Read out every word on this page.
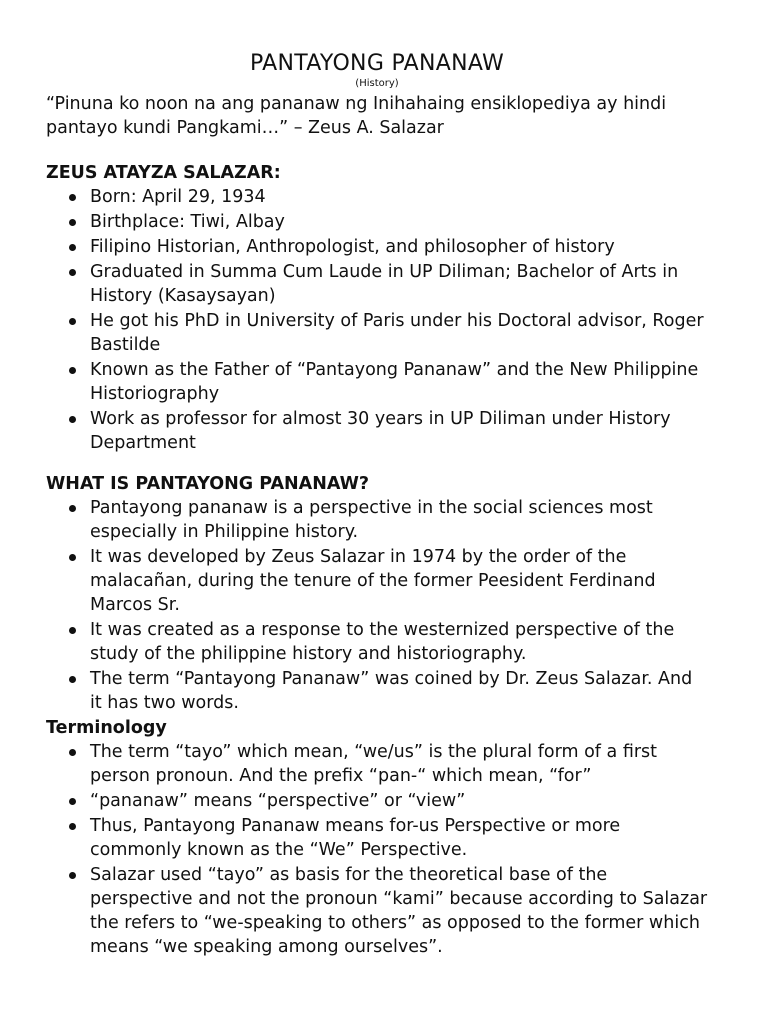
PANTAYONG PANANAW
(History)

“Pinuna ko noon na ang pananaw ng Inihahaing ensiklopediya ay hindi pantayo kundi Pangkami…” – Zeus A. Salazar

ZEUS ATAYZA SALAZAR:
Born: April 29, 1934
Birthplace: Tiwi, Albay
Filipino Historian, Anthropologist, and philosopher of history
Graduated in Summa Cum Laude in UP Diliman; Bachelor of Arts in History (Kasaysayan)
He got his PhD in University of Paris under his Doctoral advisor, Roger Bastilde
Known as the Father of “Pantayong Pananaw” and the New Philippine Historiography
Work as professor for almost 30 years in UP Diliman under History Department
WHAT IS PANTAYONG PANANAW?
Pantayong pananaw is a perspective in the social sciences most especially in Philippine history.
It was developed by Zeus Salazar in 1974 by the order of the malacañan, during the tenure of the former Peesident Ferdinand Marcos Sr.
It was created as a response to the westernized perspective of the study of the philippine history and historiography.
The term “Pantayong Pananaw” was coined by Dr. Zeus Salazar. And it has two words.
Terminology
The term “tayo” which mean, “we/us” is the plural form of a first person pronoun. And the prefix “pan-“ which mean, “for”
“pananaw” means “perspective” or “view”
Thus, Pantayong Pananaw means for-us Perspective or more commonly known as the “We” Perspective.
Salazar used “tayo” as basis for the theoretical base of the perspective and not the pronoun “kami” because according to Salazar the refers to “we-speaking to others” as opposed to the former which means “we speaking among ourselves”.
